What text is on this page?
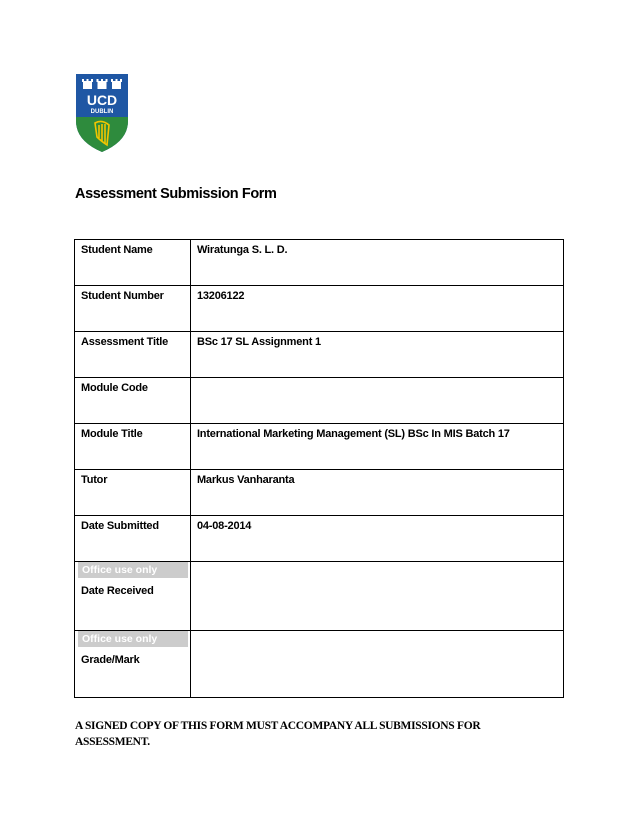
UCD
DUBLIN
Assessment Submission Form
Student Name	Wiratunga S. L. D.

Student Number	13206122

Assessment Title	BSc 17 SL Assignment 1

Module Code	

Module Title	International Marketing Management (SL) BSc In MIS Batch 17

Tutor	Markus Vanharanta

Date Submitted	04-08-2014

Office use only
Date Received	

Office use only
Grade/Mark	

A SIGNED COPY OF THIS FORM MUST ACCOMPANY ALL SUBMISSIONS FOR ASSESSMENT.
